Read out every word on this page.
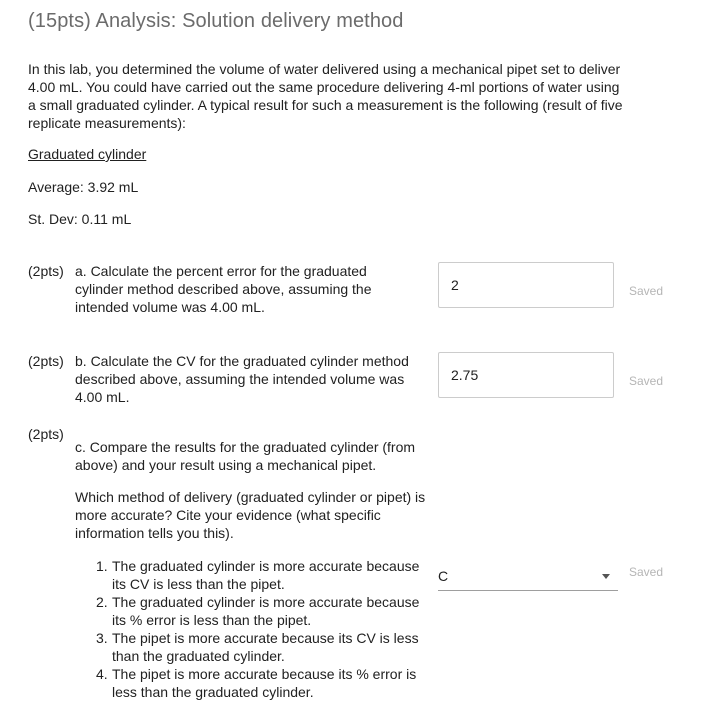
(15pts) Analysis: Solution delivery method

In this lab, you determined the volume of water delivered using a mechanical pipet set to deliver 4.00 mL. You could have carried out the same procedure delivering 4-ml portions of water using a small graduated cylinder. A typical result for such a measurement is the following (result of five replicate measurements):

Graduated cylinder

Average: 3.92 mL

St. Dev: 0.11 mL

(2pts) a. Calculate the percent error for the graduated cylinder method described above, assuming the intended volume was 4.00 mL.
2
Saved
(2pts) b. Calculate the CV for the graduated cylinder method described above, assuming the intended volume was 4.00 mL.
2.75
Saved
(2pts)
c. Compare the results for the graduated cylinder (from above) and your result using a mechanical pipet.
Which method of delivery (graduated cylinder or pipet) is more accurate? Cite your evidence (what specific information tells you this).
1. The graduated cylinder is more accurate because its CV is less than the pipet.
2. The graduated cylinder is more accurate because its % error is less than the pipet.
3. The pipet is more accurate because its CV is less than the graduated cylinder.
4. The pipet is more accurate because its % error is less than the graduated cylinder.
C	Saved
